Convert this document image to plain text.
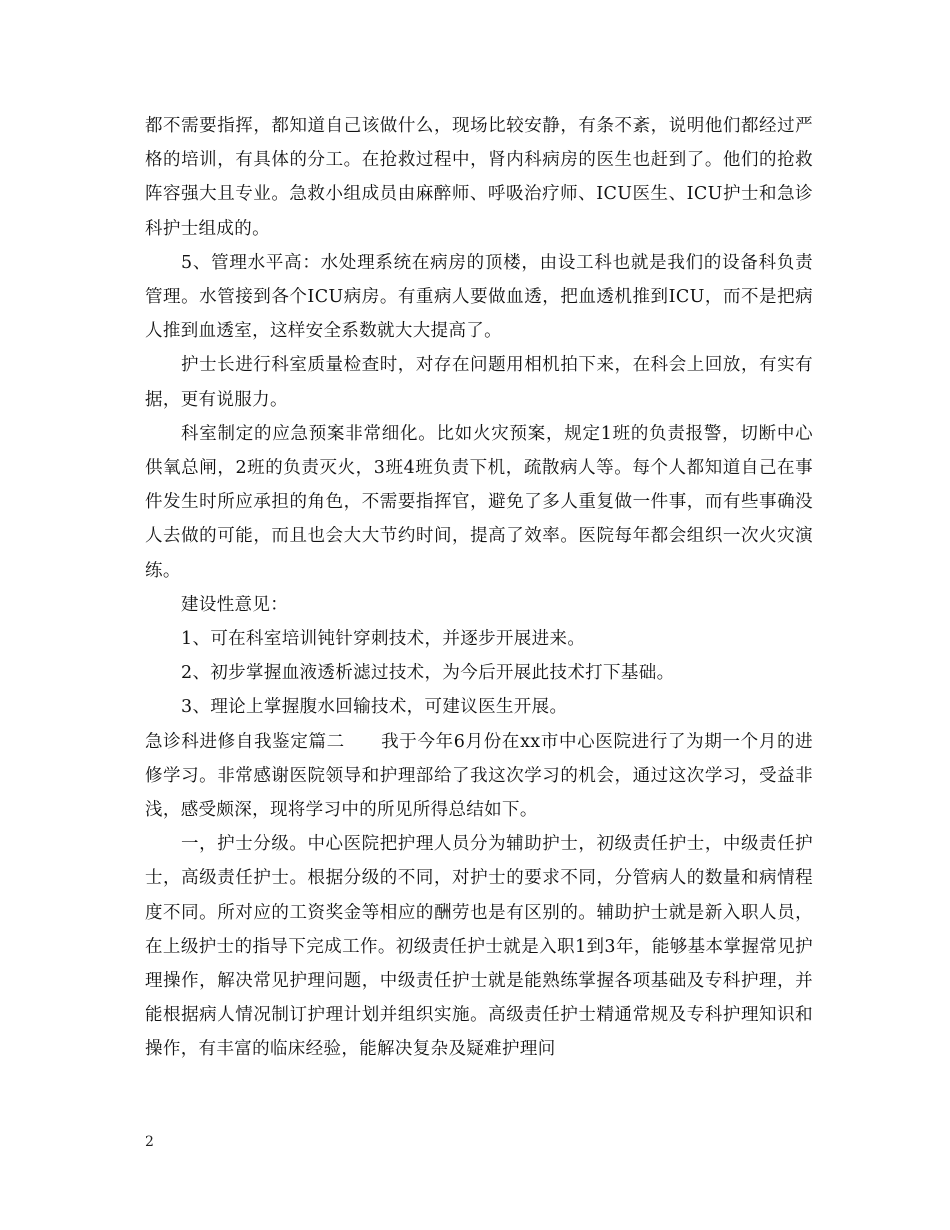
都不需要指挥，都知道自己该做什么，现场比较安静，有条不紊，说明他们都经过严格的培训，有具体的分工。在抢救过程中，肾内科病房的医生也赶到了。他们的抢救阵容强大且专业。急救小组成员由麻醉师、呼吸治疗师、ICU医生、ICU护士和急诊科护士组成的。

5、管理水平高：水处理系统在病房的顶楼，由设工科也就是我们的设备科负责管理。水管接到各个ICU病房。有重病人要做血透，把血透机推到ICU，而不是把病人推到血透室，这样安全系数就大大提高了。

护士长进行科室质量检查时，对存在问题用相机拍下来，在科会上回放，有实有据，更有说服力。

科室制定的应急预案非常细化。比如火灾预案，规定1班的负责报警，切断中心供氧总闸，2班的负责灭火，3班4班负责下机，疏散病人等。每个人都知道自己在事件发生时所应承担的角色，不需要指挥官，避免了多人重复做一件事，而有些事确没人去做的可能，而且也会大大节约时间，提高了效率。医院每年都会组织一次火灾演练。

建设性意见：

1、可在科室培训钝针穿刺技术，并逐步开展进来。

2、初步掌握血液透析滤过技术，为今后开展此技术打下基础。

3、理论上掌握腹水回输技术，可建议医生开展。

急诊科进修自我鉴定篇二　　我于今年6月份在xx市中心医院进行了为期一个月的进修学习。非常感谢医院领导和护理部给了我这次学习的机会，通过这次学习，受益非浅，感受颇深，现将学习中的所见所得总结如下。

一，护士分级。中心医院把护理人员分为辅助护士，初级责任护士，中级责任护士，高级责任护士。根据分级的不同，对护士的要求不同，分管病人的数量和病情程度不同。所对应的工资奖金等相应的酬劳也是有区别的。辅助护士就是新入职人员，在上级护士的指导下完成工作。初级责任护士就是入职1到3年，能够基本掌握常见护理操作，解决常见护理问题，中级责任护士就是能熟练掌握各项基础及专科护理，并能根据病人情况制订护理计划并组织实施。高级责任护士精通常规及专科护理知识和操作，有丰富的临床经验，能解决复杂及疑难护理问

2
